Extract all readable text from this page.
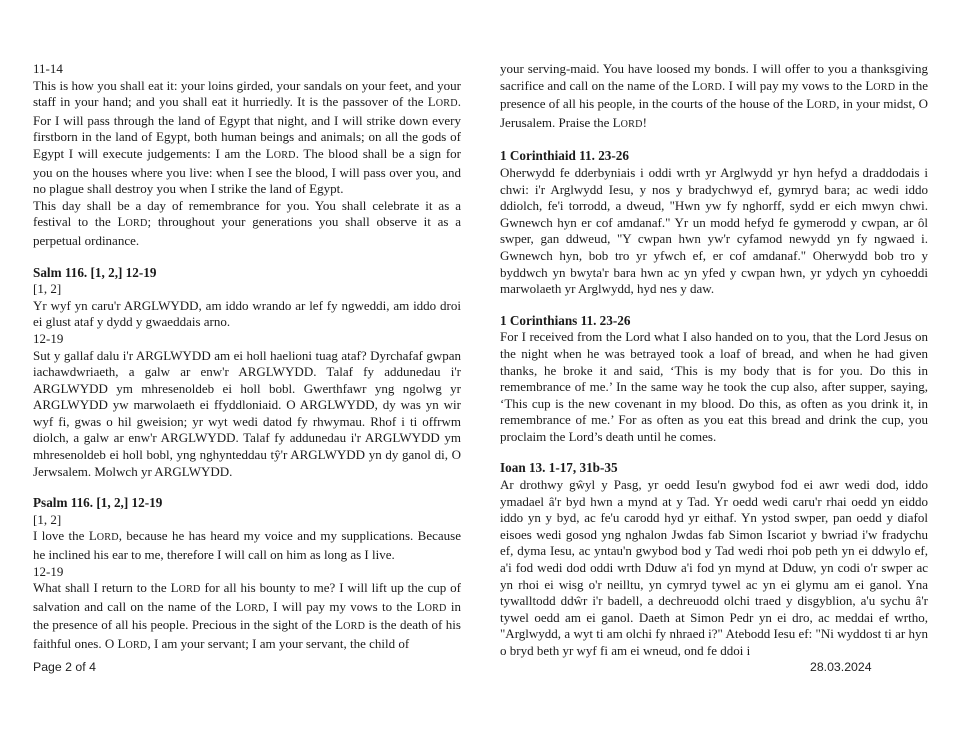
11-14

This is how you shall eat it: your loins girded, your sandals on your feet, and your staff in your hand; and you shall eat it hurriedly. It is the passover of the LORD. For I will pass through the land of Egypt that night, and I will strike down every firstborn in the land of Egypt, both human beings and animals; on all the gods of Egypt I will execute judgements: I am the LORD. The blood shall be a sign for you on the houses where you live: when I see the blood, I will pass over you, and no plague shall destroy you when I strike the land of Egypt.

This day shall be a day of remembrance for you. You shall celebrate it as a festival to the LORD; throughout your generations you shall observe it as a perpetual ordinance.

Salm 116. [1, 2,] 12-19

[1, 2]

Yr wyf yn caru'r ARGLWYDD, am iddo wrando ar lef fy ngweddi, am iddo droi ei glust ataf y dydd y gwaeddais arno.

12-19

Sut y gallaf dalu i'r ARGLWYDD am ei holl haelioni tuag ataf? Dyrchafaf gwpan iachawdwriaeth, a galw ar enw'r ARGLWYDD. Talaf fy addunedau i'r ARGLWYDD ym mhresenoldeb ei holl bobl. Gwerthfawr yng ngolwg yr ARGLWYDD yw marwolaeth ei ffyddloniaid. O ARGLWYDD, dy was yn wir wyf fi, gwas o hil gweision; yr wyt wedi datod fy rhwymau. Rhof i ti offrwm diolch, a galw ar enw'r ARGLWYDD. Talaf fy addunedau i'r ARGLWYDD ym mhresenoldeb ei holl bobl, yng nghynteddau tŷ'r ARGLWYDD yn dy ganol di, O Jerwsalem. Molwch yr ARGLWYDD.

Psalm 116. [1, 2,] 12-19

[1, 2]

I love the LORD, because he has heard my voice and my supplications. Because he inclined his ear to me, therefore I will call on him as long as I live.

12-19

What shall I return to the LORD for all his bounty to me? I will lift up the cup of salvation and call on the name of the LORD, I will pay my vows to the LORD in the presence of all his people. Precious in the sight of the LORD is the death of his faithful ones. O LORD, I am your servant; I am your servant, the child of

your serving-maid. You have loosed my bonds. I will offer to you a thanksgiving sacrifice and call on the name of the LORD. I will pay my vows to the LORD in the presence of all his people, in the courts of the house of the LORD, in your midst, O Jerusalem. Praise the LORD!

1 Corinthiaid 11. 23-26

Oherwydd fe dderbyniais i oddi wrth yr Arglwydd yr hyn hefyd a draddodais i chwi: i'r Arglwydd Iesu, y nos y bradychwyd ef, gymryd bara; ac wedi iddo ddiolch, fe'i torrodd, a dweud, "Hwn yw fy nghorff, sydd er eich mwyn chwi. Gwnewch hyn er cof amdanaf." Yr un modd hefyd fe gymerodd y cwpan, ar ôl swper, gan ddweud, "Y cwpan hwn yw'r cyfamod newydd yn fy ngwaed i. Gwnewch hyn, bob tro yr yfwch ef, er cof amdanaf." Oherwydd bob tro y byddwch yn bwyta'r bara hwn ac yn yfed y cwpan hwn, yr ydych yn cyhoeddi marwolaeth yr Arglwydd, hyd nes y daw.

1 Corinthians 11. 23-26

For I received from the Lord what I also handed on to you, that the Lord Jesus on the night when he was betrayed took a loaf of bread, and when he had given thanks, he broke it and said, ‘This is my body that is for you. Do this in remembrance of me.’ In the same way he took the cup also, after supper, saying, ‘This cup is the new covenant in my blood. Do this, as often as you drink it, in remembrance of me.’ For as often as you eat this bread and drink the cup, you proclaim the Lord’s death until he comes.

Ioan 13. 1-17, 31b-35

Ar drothwy gŵyl y Pasg, yr oedd Iesu'n gwybod fod ei awr wedi dod, iddo ymadael â'r byd hwn a mynd at y Tad. Yr oedd wedi caru'r rhai oedd yn eiddo iddo yn y byd, ac fe'u carodd hyd yr eithaf. Yn ystod swper, pan oedd y diafol eisoes wedi gosod yng nghalon Jwdas fab Simon Iscariot y bwriad i'w fradychu ef, dyma Iesu, ac yntau'n gwybod bod y Tad wedi rhoi pob peth yn ei ddwylo ef, a'i fod wedi dod oddi wrth Dduw a'i fod yn mynd at Dduw, yn codi o'r swper ac yn rhoi ei wisg o'r neilltu, yn cymryd tywel ac yn ei glymu am ei ganol. Yna tywalltodd ddŵr i'r badell, a dechreuodd olchi traed y disgyblion, a'u sychu â'r tywel oedd am ei ganol. Daeth at Simon Pedr yn ei dro, ac meddai ef wrtho, "Arglwydd, a wyt ti am olchi fy nhraed i?" Atebodd Iesu ef: "Ni wyddost ti ar hyn o bryd beth yr wyf fi am ei wneud, ond fe ddoi i

Page 2 of 4	28.03.2024
